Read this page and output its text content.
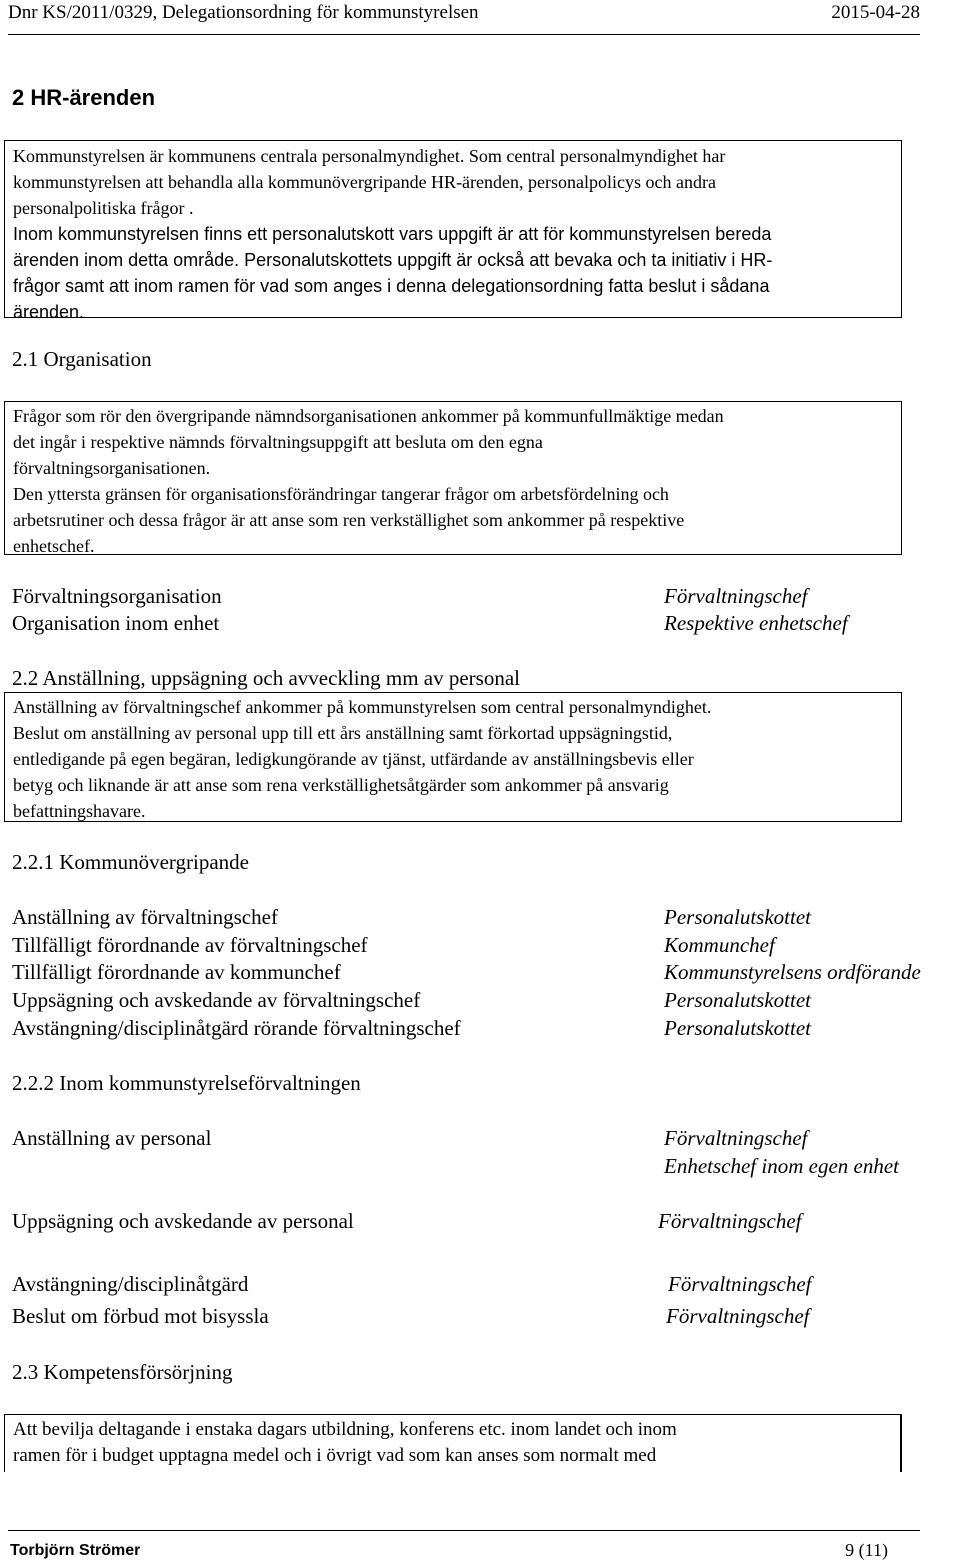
Dnr KS/2011/0329, Delegationsordning för kommunstyrelsen	2015-04-28
2 HR-ärenden
Kommunstyrelsen är kommunens centrala personalmyndighet. Som central personalmyndighet har
kommunstyrelsen att behandla alla kommunövergripande HR-ärenden, personalpolicys och andra
personalpolitiska frågor .
Inom kommunstyrelsen finns ett personalutskott vars uppgift är att för kommunstyrelsen bereda
ärenden inom detta område. Personalutskottets uppgift är också att bevaka och ta initiativ i HR-
frågor samt att inom ramen för vad som anges i denna delegationsordning fatta beslut i sådana
ärenden.
2.1 Organisation
Frågor som rör den övergripande nämndsorganisationen ankommer på kommunfullmäktige medan
det ingår i respektive nämnds förvaltningsuppgift att besluta om den egna
förvaltningsorganisationen.
Den yttersta gränsen för organisationsförändringar tangerar frågor om arbetsfördelning och
arbetsrutiner och dessa frågor är att anse som ren verkställighet som ankommer på respektive
enhetschef.
Förvaltningsorganisation	Förvaltningschef
Organisation inom enhet	Respektive enhetschef
2.2 Anställning, uppsägning och avveckling mm av personal
Anställning av förvaltningschef ankommer på kommunstyrelsen som central personalmyndighet.
Beslut om anställning av personal upp till ett års anställning samt förkortad uppsägningstid,
entledigande på egen begäran, ledigkungörande av tjänst, utfärdande av anställningsbevis eller
betyg och liknande är att anse som rena verkställighetsåtgärder som ankommer på ansvarig
befattningshavare.
2.2.1 Kommunövergripande
Anställning av förvaltningschef	Personalutskottet
Tillfälligt förordnande av förvaltningschef	Kommunchef
Tillfälligt förordnande av kommunchef	Kommunstyrelsens ordförande
Uppsägning och avskedande av förvaltningschef	Personalutskottet
Avstängning/disciplinåtgärd rörande förvaltningschef	Personalutskottet
2.2.2 Inom kommunstyrelseförvaltningen
Anställning av personal	Förvaltningschef
Enhetschef inom egen enhet
Uppsägning och avskedande av personal	Förvaltningschef
Avstängning/disciplinåtgärd	Förvaltningschef
Beslut om förbud mot bisyssla	Förvaltningschef
2.3 Kompetensförsörjning
Att bevilja deltagande i enstaka dagars utbildning, konferens etc. inom landet och inom
ramen för i budget upptagna medel och i övrigt vad som kan anses som normalt med
Torbjörn Strömer	9 (11)
